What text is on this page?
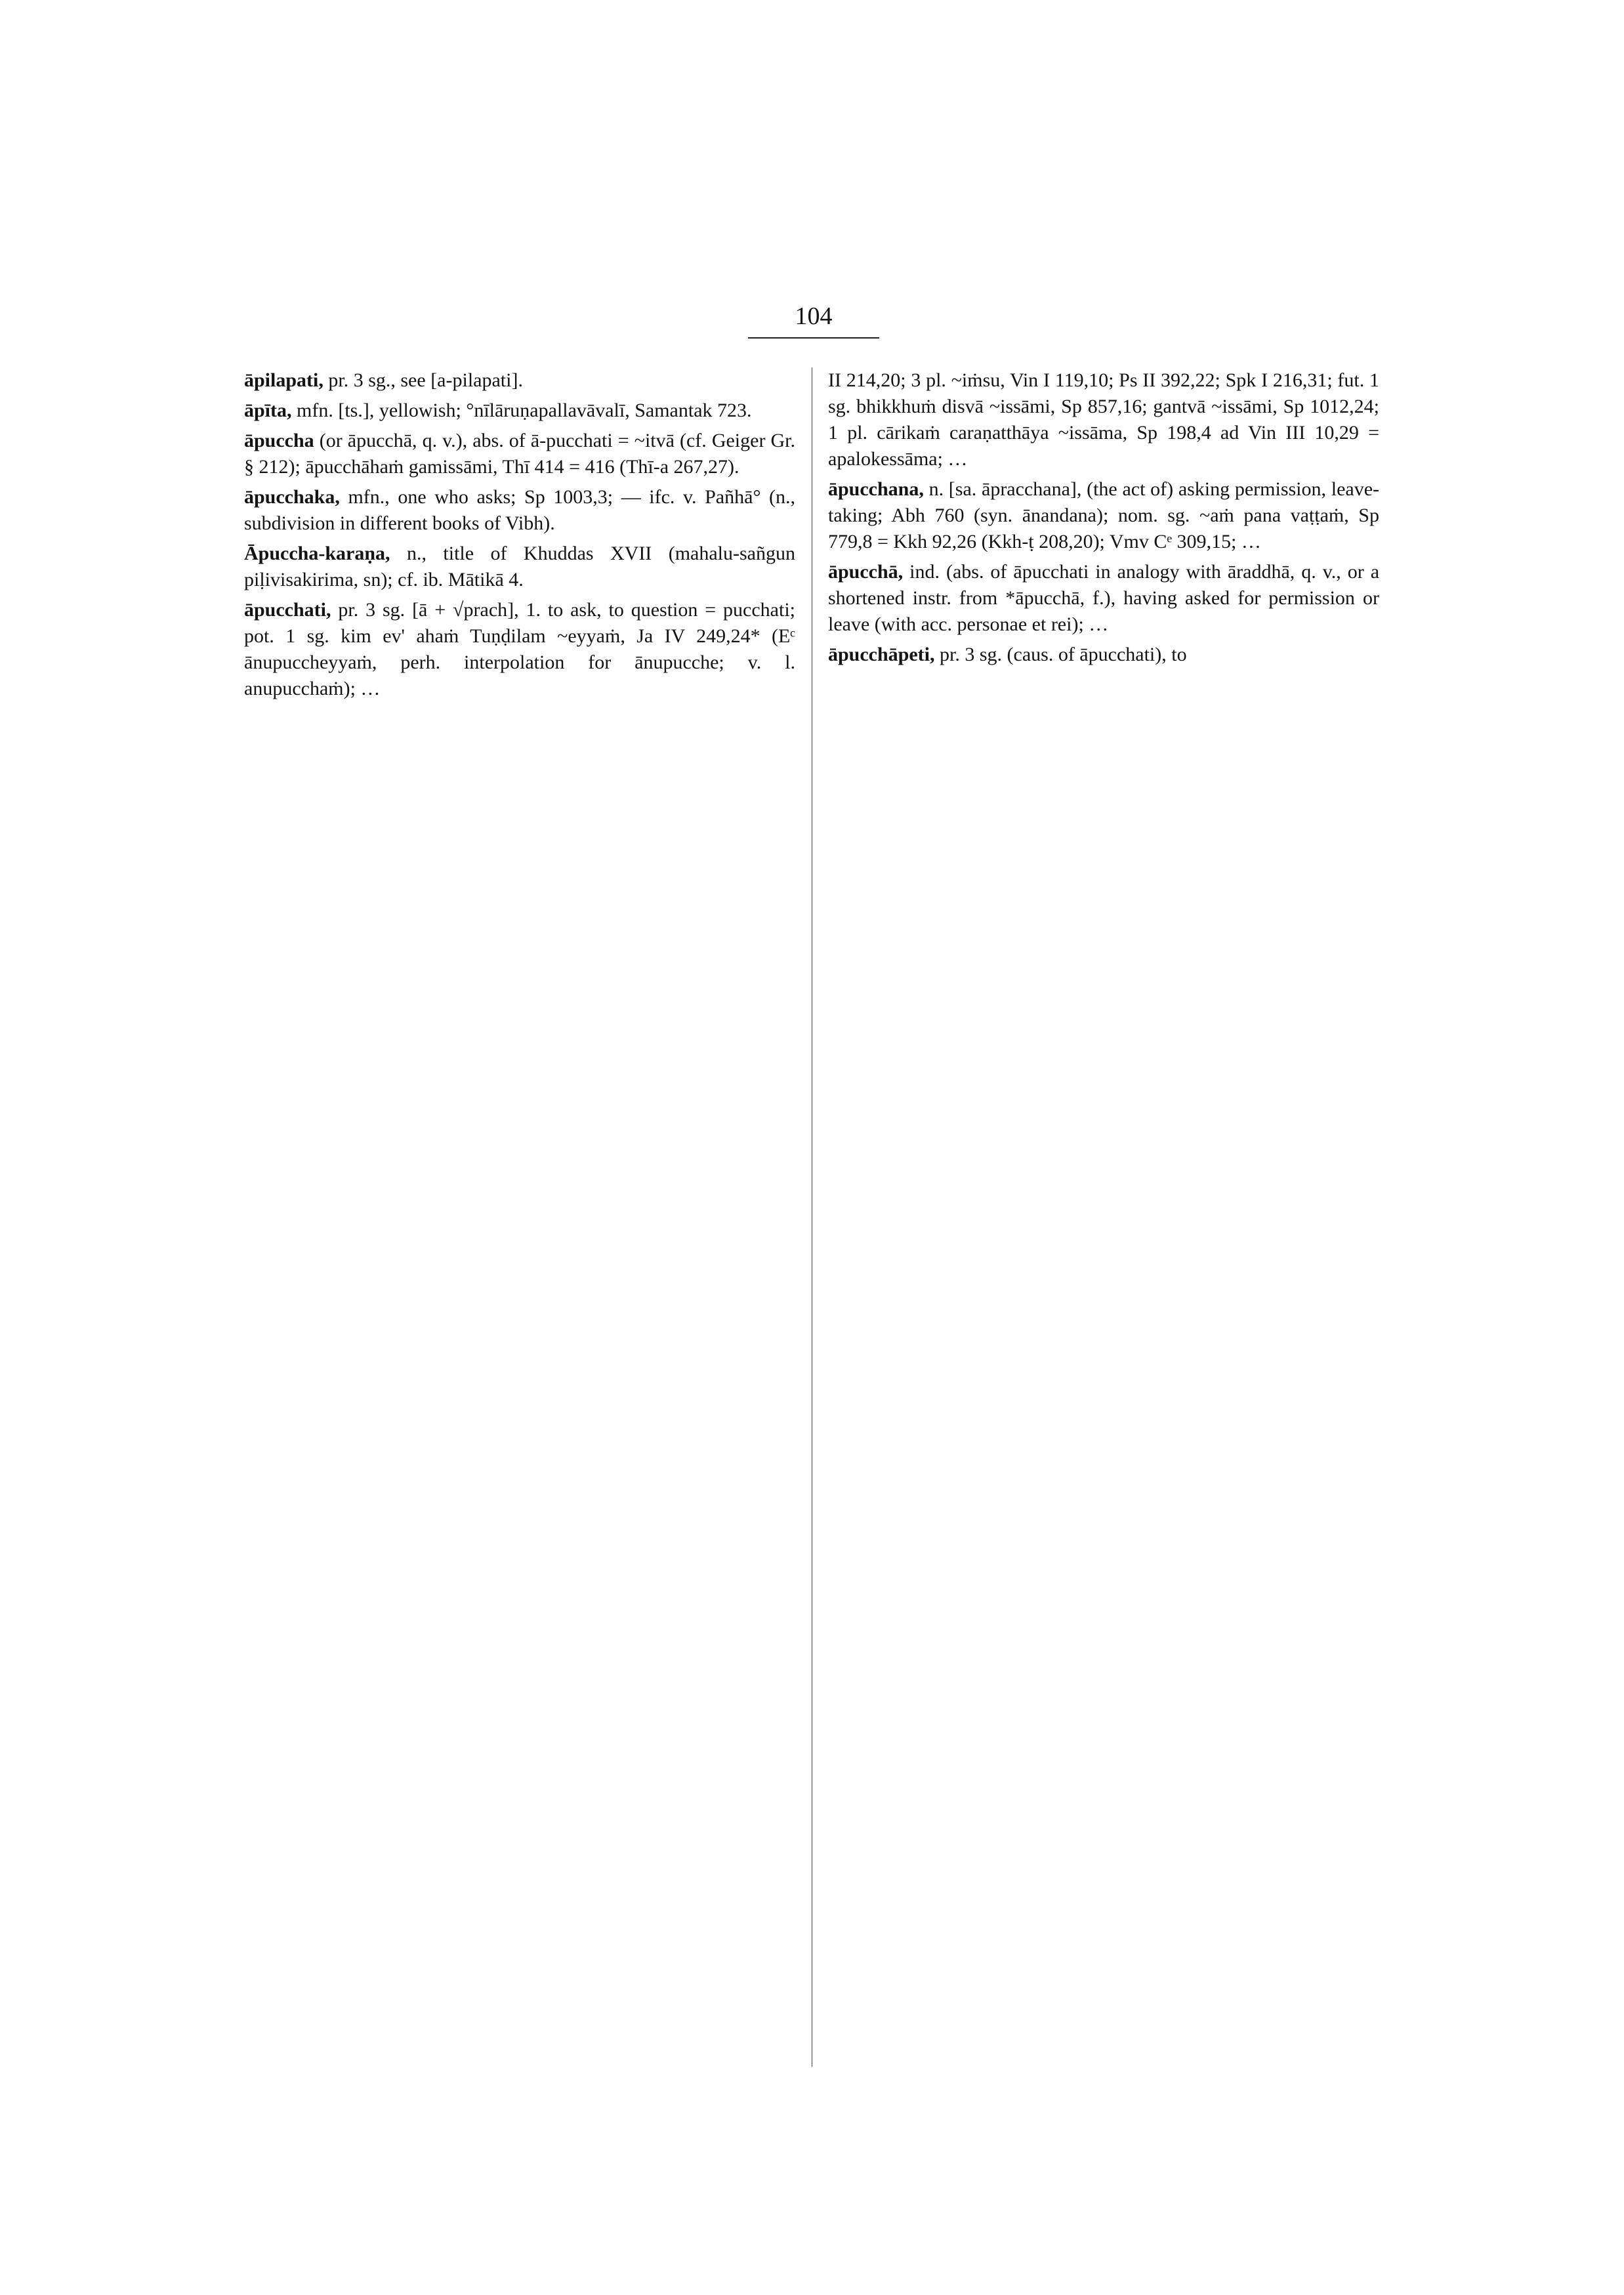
104

āpilapati, pr. 3 sg., see [a-pilapati].

āpīta, mfn. [ts.], yellowish; °nīlāruṇapallavāvalī, Samantak 723.

āpuccha (or āpucchā, q. v.), abs. of ā-pucchati = ~itvā (cf. Geiger Gr. § 212); āpucchāhaṁ gamissāmi, Thī 414 = 416 (Thī-a 267,27).

āpucchaka, mfn., one who asks; Sp 1003,3; — ifc. v. Pañhā° (n., subdivision in different books of Vibh).

Āpuccha-karaṇa, n., title of Khuddas XVII (mahalu-sañgun piḷivisakirima, sn); cf. ib. Mātikā 4.

āpucchati, pr. 3 sg. [ā + √prach], 1. to ask, to question = pucchati; pot. 1 sg. kim ev' ahaṁ Tuṇḍilam ~eyyaṁ, Ja IV 249,24* (Eᶜ ānupuccheyyaṁ, perh. interpolation for ānupucche; v. l. anupucchaṁ); …

II 214,20; 3 pl. ~iṁsu, Vin I 119,10; Ps II 392,22; Spk I 216,31; fut. 1 sg. bhikkhuṁ disvā ~issāmi, Sp 857,16; gantvā ~issāmi, Sp 1012,24; 1 pl. cārikaṁ caraṇatthāya ~issāma, Sp 198,4 ad Vin III 10,29 = apalokessāma; …

āpucchana, n. [sa. āpracchana], (the act of) asking permission, leave-taking; Abh 760 (syn. ānandana); nom. sg. ~aṁ pana vaṭṭaṁ, Sp 779,8 = Kkh 92,26 (Kkh-ṭ 208,20); Vmv Cᵉ 309,15; …

āpucchā, ind. (abs. of āpucchati in analogy with āraddhā, q. v., or a shortened instr. from *āpucchā, f.), having asked for permission or leave (with acc. personae et rei); …

āpucchāpeti, pr. 3 sg. (caus. of āpucchati), to
